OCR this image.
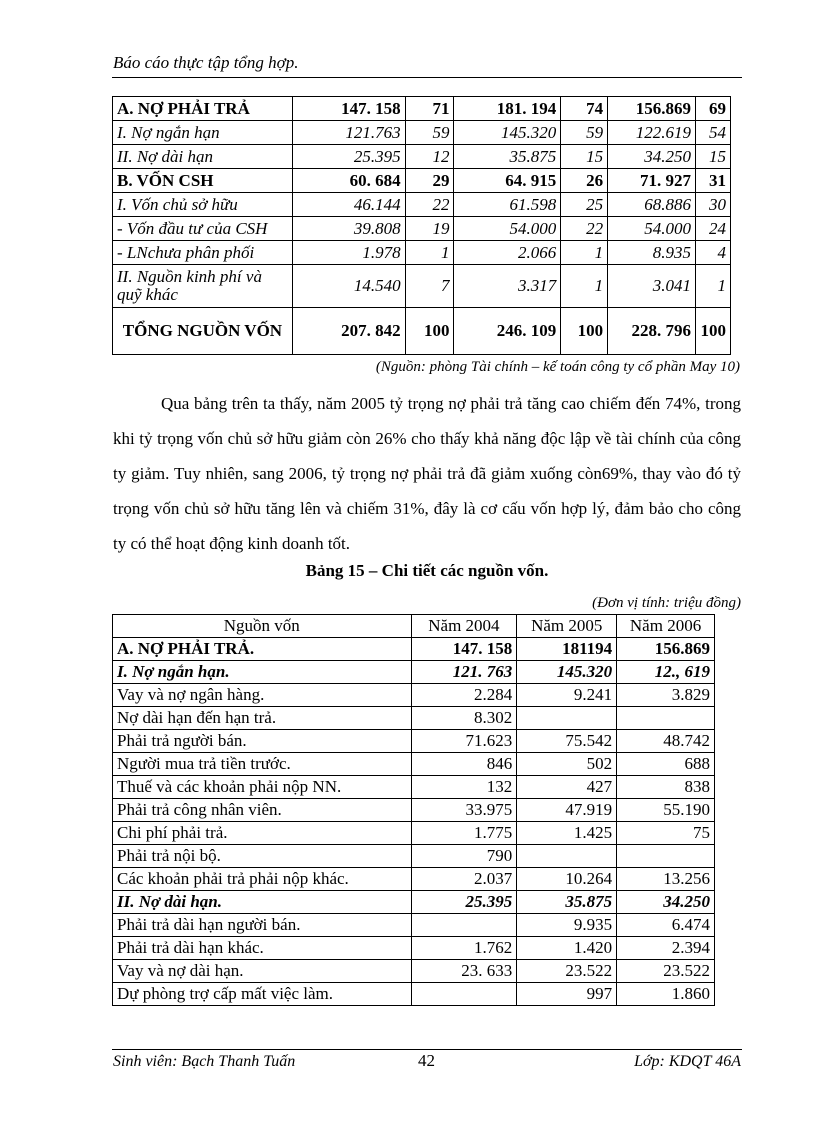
Báo cáo thực tập tổng hợp.
A. NỢ PHẢI TRẢ	147. 158	71	181. 194	74	156.869	69
I. Nợ ngắn hạn	121.763	59	145.320	59	122.619	54
II. Nợ dài hạn	25.395	12	35.875	15	34.250	15
B. VỐN CSH	60. 684	29	64. 915	26	71. 927	31
I. Vốn chủ sở hữu	46.144	22	61.598	25	68.886	30
- Vốn đầu tư của CSH	39.808	19	54.000	22	54.000	24
- LNchưa phân phối	1.978	1	2.066	1	8.935	4
II. Nguồn kinh phí và quỹ khác	14.540	7	3.317	1	3.041	1
TỔNG NGUỒN VỐN	207. 842	100	246. 109	100	228. 796	100
(Nguồn: phòng Tài chính – kế toán công ty cổ phần May 10)

Qua bảng trên ta thấy, năm 2005 tỷ trọng nợ phải trả tăng cao chiếm đến 74%, trong khi tỷ trọng vốn chủ sở hữu giảm còn 26% cho thấy khả năng độc lập về tài chính của công ty giảm. Tuy nhiên, sang 2006, tỷ trọng nợ phải trả đã giảm xuống còn69%, thay vào đó tỷ trọng vốn chủ sở hữu tăng lên và chiếm 31%, đây là cơ cấu vốn hợp lý, đảm bảo cho công ty có thể hoạt động kinh doanh tốt.

Bảng 15 – Chi tiết các nguồn vốn.
(Đơn vị tính: triệu đồng)
Nguồn vốn	Năm 2004	Năm 2005	Năm 2006
A. NỢ PHẢI TRẢ.	147. 158	181194	156.869
I. Nợ ngắn hạn.	121. 763	145.320	12., 619
Vay và nợ ngân hàng.	2.284	9.241	3.829
Nợ dài hạn đến hạn trả.	8.302		
Phải trả người bán.	71.623	75.542	48.742
Người mua trả tiền trước.	846	502	688
Thuế và các khoản phải nộp NN.	132	427	838
Phải trả công nhân viên.	33.975	47.919	55.190
Chi phí phải trả.	1.775	1.425	75
Phải trả nội bộ.	790		
Các khoản phải trả phải nộp khác.	2.037	10.264	13.256
II. Nợ dài hạn.	25.395	35.875	34.250
Phải trả dài hạn người bán.		9.935	6.474
Phải trả dài hạn khác.	1.762	1.420	2.394
Vay và nợ dài hạn.	23. 633	23.522	23.522
Dự phòng trợ cấp mất việc làm.		997	1.860
Sinh viên: Bạch Thanh Tuấn	42	Lớp: KDQT 46A
